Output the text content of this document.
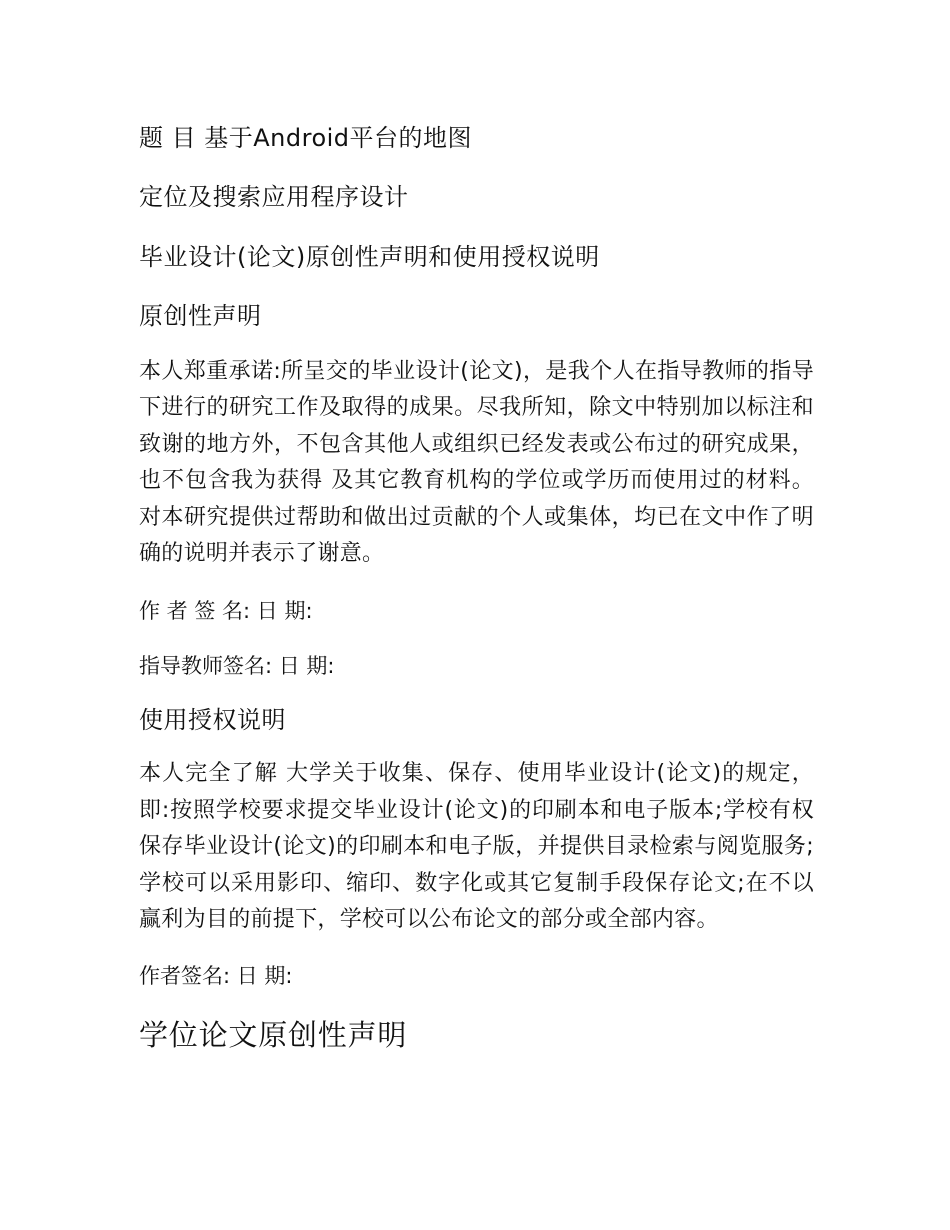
题 目 基于Android平台的地图
定位及搜索应用程序设计
毕业设计(论文)原创性声明和使用授权说明
原创性声明
本人郑重承诺:所呈交的毕业设计(论文)，是我个人在指导教师的指导下进行的研究工作及取得的成果。尽我所知，除文中特别加以标注和致谢的地方外，不包含其他人或组织已经发表或公布过的研究成果，也不包含我为获得 及其它教育机构的学位或学历而使用过的材料。对本研究提供过帮助和做出过贡献的个人或集体，均已在文中作了明确的说明并表示了谢意。
作 者 签 名: 日 期:
指导教师签名: 日 期:
使用授权说明
本人完全了解 大学关于收集、保存、使用毕业设计(论文)的规定，即:按照学校要求提交毕业设计(论文)的印刷本和电子版本;学校有权保存毕业设计(论文)的印刷本和电子版，并提供目录检索与阅览服务;学校可以采用影印、缩印、数字化或其它复制手段保存论文;在不以赢利为目的前提下，学校可以公布论文的部分或全部内容。
作者签名: 日 期:
学位论文原创性声明
